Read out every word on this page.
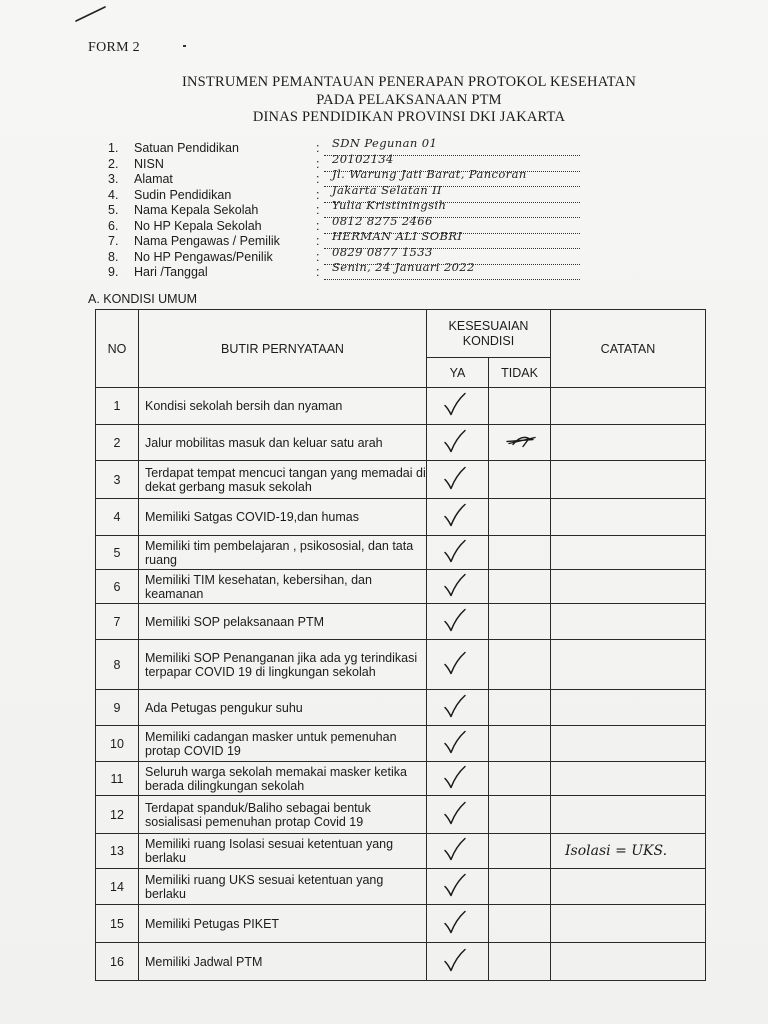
FORM 2
INSTRUMEN PEMANTAUAN PENERAPAN PROTOKOL KESEHATAN
PADA PELAKSANAAN PTM
DINAS PENDIDIKAN PROVINSI DKI JAKARTA
1.	Satuan Pendidikan	: SDN Pegunan 01
2.	NISN	: 20102134
3.	Alamat	: Jl. Warung Jati Barat, Pancoran
4.	Sudin Pendidikan	: Jakarta Selatan II
5.	Nama Kepala Sekolah	: Yulia Kristiningsih
6.	No HP Kepala Sekolah	: 0812 8275 2466
7.	Nama Pengawas / Pemilik	: HERMAN ALI SOBRI
8.	No HP Pengawas/Penilik	: 0829 0877 1533
9.	Hari /Tanggal	: Senin, 24 Januari 2022
A. KONDISI UMUM
NO	BUTIR PERNYATAAN	KESESUAIAN KONDISI		CATATAN
		YA	TIDAK	
1	Kondisi sekolah bersih dan nyaman	

2	Jalur mobilitas masuk dan keluar satu arah	

3	Terdapat tempat mencuci tangan yang memadai di dekat gerbang masuk sekolah	

4	Memiliki Satgas COVID-19,dan humas	

5	Memiliki tim pembelajaran , psikososial, dan tata ruang	

6	Memiliki TIM kesehatan, kebersihan, dan keamanan	

7	Memiliki SOP pelaksanaan PTM	

8	Memiliki SOP Penanganan jika ada yg terindikasi terpapar COVID 19 di lingkungan sekolah	

9	Ada Petugas pengukur suhu	

10	Memiliki cadangan masker untuk pemenuhan protap COVID 19	

11	Seluruh warga sekolah memakai masker ketika berada dilingkungan sekolah	

12	Terdapat spanduk/Baliho sebagai bentuk sosialisasi pemenuhan protap Covid 19	

13	Memiliki ruang Isolasi sesuai ketentuan yang berlaku			Isolasi = UKS.

14	Memiliki ruang UKS sesuai ketentuan yang berlaku	

15	Memiliki Petugas PIKET	

16	Memiliki Jadwal PTM	
